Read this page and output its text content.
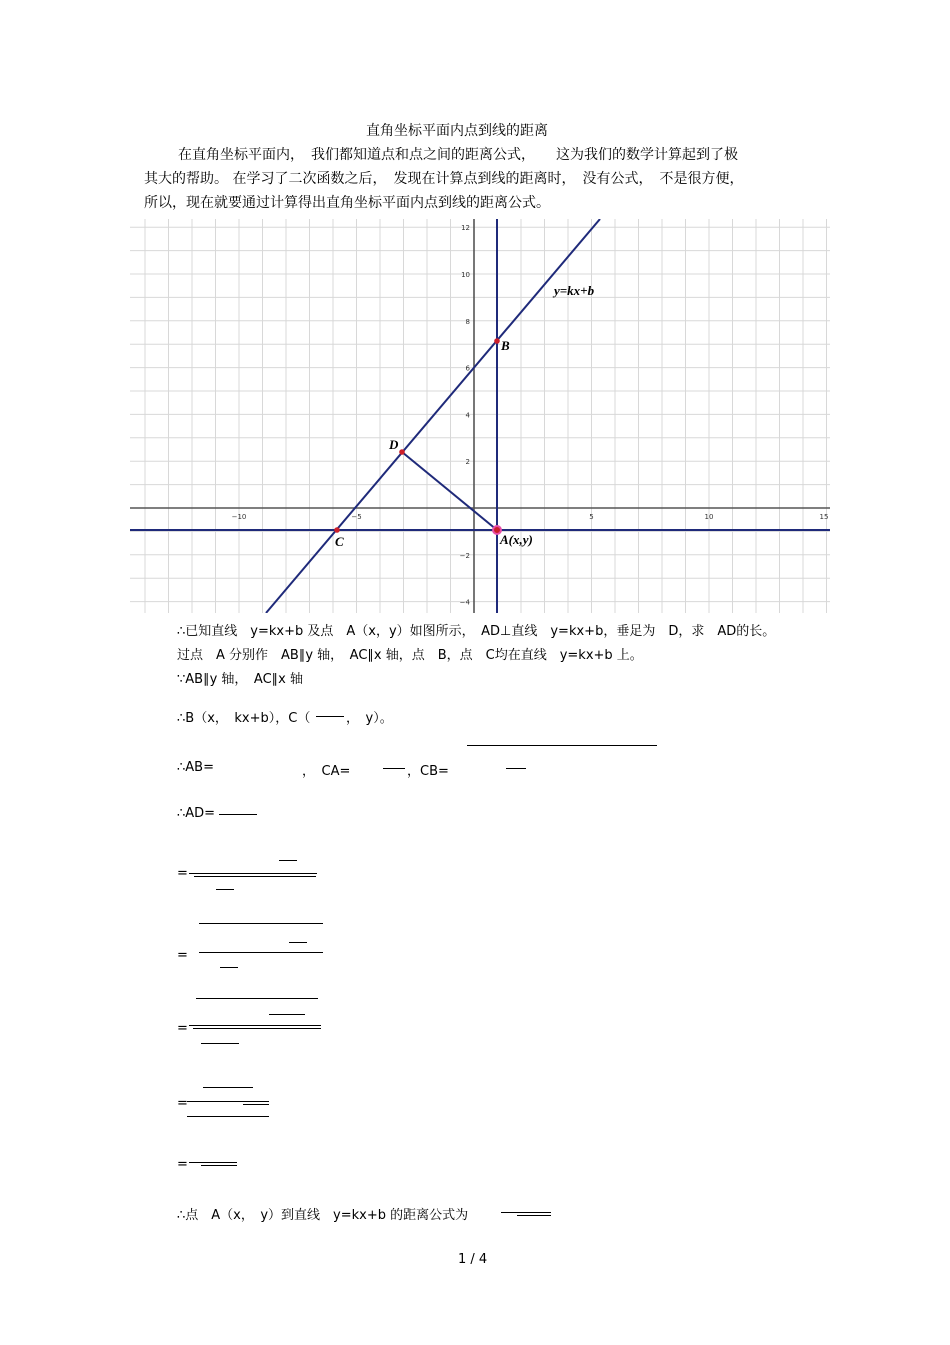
直角坐标平面内点到线的距离
在直角坐标平面内，　我们都知道点和点之间的距离公式，　　这为我们的数学计算起到了极
其大的帮助。 在学习了二次函数之后，　发现在计算点到线的距离时，　没有公式，　不是很方便，
所以，现在就要通过计算得出直角坐标平面内点到线的距离公式。
−10	−5	5	10	15
12
10
8
6
4
2
−2
−4
y=kx+b
B
D
C	A(x,y)
∴已知直线　y=kx+b 及点　A（x，y）如图所示，　AD⊥直线　y=kx+b，垂足为　D，求　AD的长。
过点　A 分别作　AB∥y 轴，　AC∥x 轴，点　B，点　C均在直线　y=kx+b 上。
∵AB∥y 轴，　AC∥x 轴
∴B（x，　kx+b），C（	，　y）。
∴AB=	，　CA=	，CB=
∴AD=
=
=
=
=
=
∴点　A（x，　y）到直线　y=kx+b 的距离公式为
1 / 4
